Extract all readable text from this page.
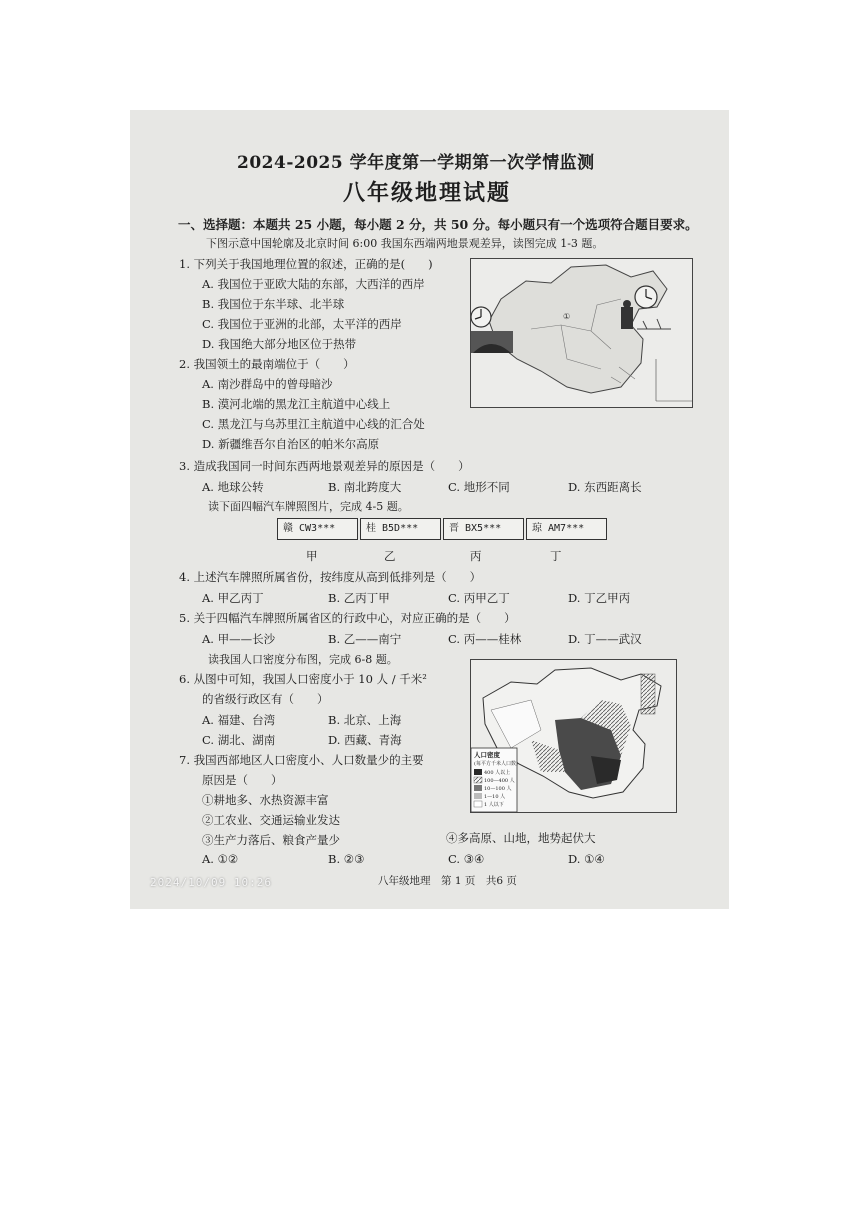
2024-2025 学年度第一学期第一次学情监测
八年级地理试题
一、选择题：本题共 25 小题，每小题 2 分，共 50 分。每小题只有一个选项符合题目要求。
下图示意中国轮廓及北京时间 6:00 我国东西端两地景观差异，读图完成 1-3 题。
①
1. 下列关于我国地理位置的叙述，正确的是(　　)
A. 我国位于亚欧大陆的东部，大西洋的西岸
B. 我国位于东半球、北半球
C. 我国位于亚洲的北部，太平洋的西岸
D. 我国绝大部分地区位于热带
2. 我国领土的最南端位于（　　）
A. 南沙群岛中的曾母暗沙
B. 漠河北端的黑龙江主航道中心线上
C. 黑龙江与乌苏里江主航道中心线的汇合处
D. 新疆维吾尔自治区的帕米尔高原
3. 造成我国同一时间东西两地景观差异的原因是（　　）
A. 地球公转	B. 南北跨度大	C. 地形不同	D. 东西距离长
读下面四幅汽车牌照图片，完成 4-5 题。
赣 CW3***	桂 B5D***	晋 BX5***	琼 AM7***
甲	乙	丙	丁
4. 上述汽车牌照所属省份，按纬度从高到低排列是（　　）
A. 甲乙丙丁	B. 乙丙丁甲	C. 丙甲乙丁	D. 丁乙甲丙
5. 关于四幅汽车牌照所属省区的行政中心，对应正确的是（　　）
A. 甲——长沙	B. 乙——南宁	C. 丙——桂林	D. 丁——武汉
读我国人口密度分布图，完成 6-8 题。
人口密度
(每平方千米人口数)
400 人以上
100—400 人
10—100 人
1—10 人
1 人以下
6. 从图中可知，我国人口密度小于 10 人 / 千米²
的省级行政区有（　　）
A. 福建、台湾	B. 北京、上海
C. 湖北、湖南	D. 西藏、青海
7. 我国西部地区人口密度小、人口数量少的主要
原因是（　　）
①耕地多、水热资源丰富
②工农业、交通运输业发达
③生产力落后、粮食产量少	④多高原、山地，地势起伏大
A. ①②	B. ②③	C. ③④	D. ①④
八年级地理　第 1 页　共6 页
2024/10/09 10:26
